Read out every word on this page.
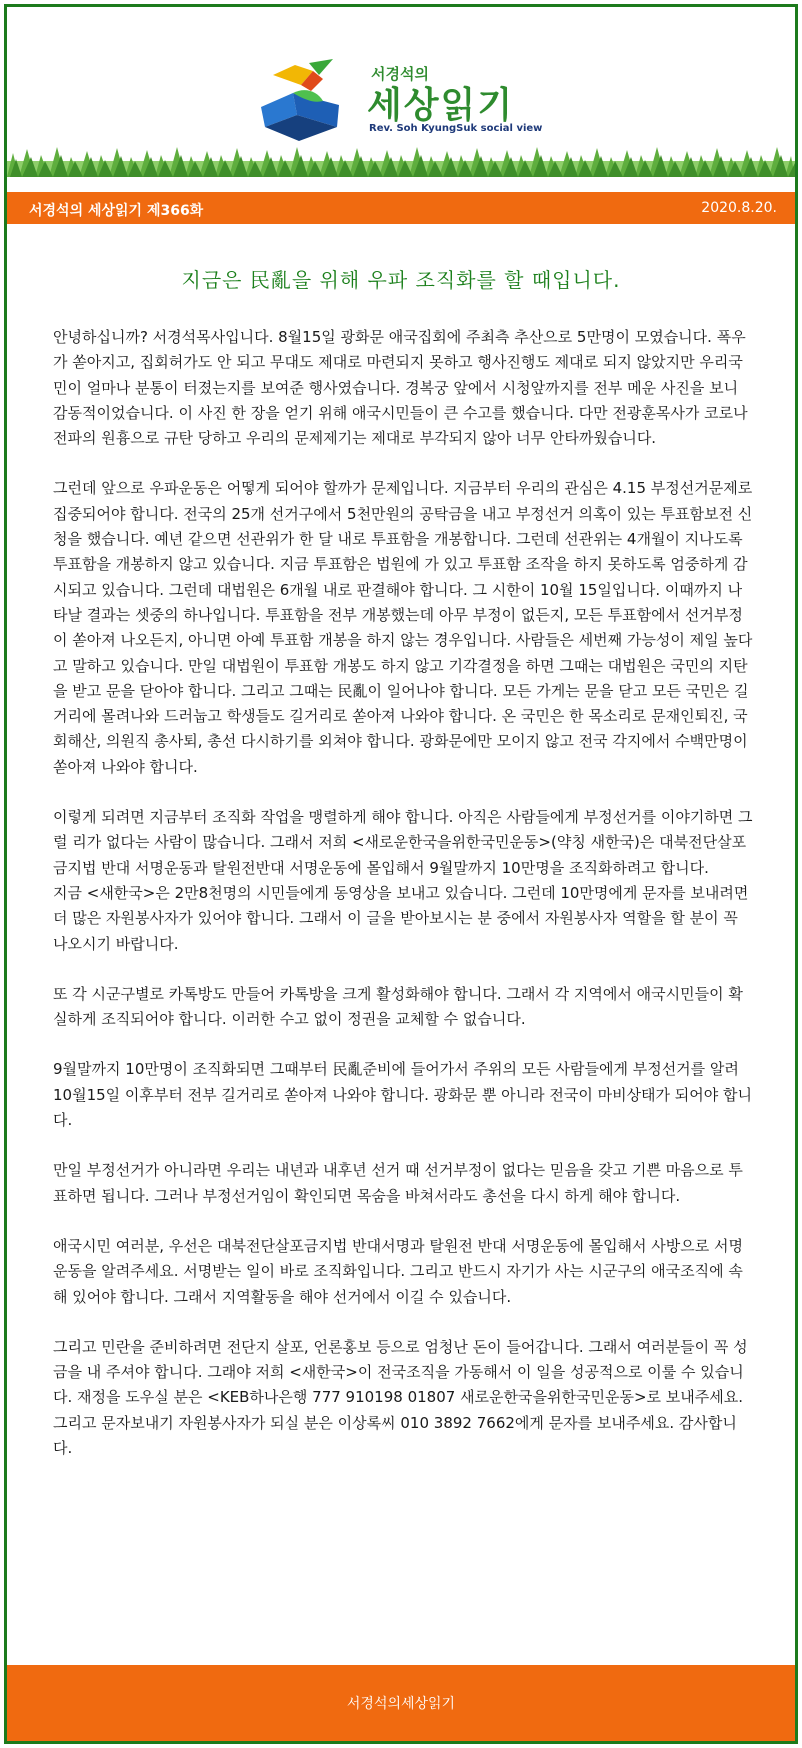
서경석의
세상읽기
Rev. Soh KyungSuk social view
서경석의 세상읽기 제366화	2020.8.20.
지금은 民亂을 위해 우파 조직화를 할 때입니다.

안녕하십니까? 서경석목사입니다. 8월15일 광화문 애국집회에 주최측 추산으로 5만명이 모였습니다. 폭우가 쏟아지고, 집회허가도 안 되고 무대도 제대로 마련되지 못하고 행사진행도 제대로 되지 않았지만 우리국민이 얼마나 분통이 터졌는지를 보여준 행사였습니다. 경복궁 앞에서 시청앞까지를 전부 메운 사진을 보니 감동적이었습니다. 이 사진 한 장을 얻기 위해 애국시민들이 큰 수고를 했습니다. 다만 전광훈목사가 코로나 전파의 원흉으로 규탄 당하고 우리의 문제제기는 제대로 부각되지 않아 너무 안타까웠습니다.

그런데 앞으로 우파운동은 어떻게 되어야 할까가 문제입니다. 지금부터 우리의 관심은 4.15 부정선거문제로 집중되어야 합니다. 전국의 25개 선거구에서 5천만원의 공탁금을 내고 부정선거 의혹이 있는 투표함보전 신청을 했습니다. 예년 같으면 선관위가 한 달 내로 투표함을 개봉합니다. 그런데 선관위는 4개월이 지나도록 투표함을 개봉하지 않고 있습니다. 지금 투표함은 법원에 가 있고 투표함 조작을 하지 못하도록 엄중하게 감시되고 있습니다. 그런데 대법원은 6개월 내로 판결해야 합니다. 그 시한이 10월 15일입니다. 이때까지 나타날 결과는 셋중의 하나입니다. 투표함을 전부 개봉했는데 아무 부정이 없든지, 모든 투표함에서 선거부정이 쏟아져 나오든지, 아니면 아예 투표함 개봉을 하지 않는 경우입니다. 사람들은 세번째 가능성이 제일 높다고 말하고 있습니다. 만일 대법원이 투표함 개봉도 하지 않고 기각결정을 하면 그때는 대법원은 국민의 지탄을 받고 문을 닫아야 합니다. 그리고 그때는 民亂이 일어나야 합니다. 모든 가게는 문을 닫고 모든 국민은 길거리에 몰려나와 드러눕고 학생들도 길거리로 쏟아져 나와야 합니다. 온 국민은 한 목소리로 문재인퇴진, 국회해산, 의원직 총사퇴, 총선 다시하기를 외쳐야 합니다. 광화문에만 모이지 않고 전국 각지에서 수백만명이 쏟아져 나와야 합니다.

이렇게 되려면 지금부터 조직화 작업을 맹렬하게 해야 합니다. 아직은 사람들에게 부정선거를 이야기하면 그럴 리가 없다는 사람이 많습니다. 그래서 저희 <새로운한국을위한국민운동>(약칭 새한국)은 대북전단살포금지법 반대 서명운동과 탈원전반대 서명운동에 몰입해서 9월말까지 10만명을 조직화하려고 합니다.
지금 <새한국>은 2만8천명의 시민들에게 동영상을 보내고 있습니다. 그런데 10만명에게 문자를 보내려면 더 많은 자원봉사자가 있어야 합니다. 그래서 이 글을 받아보시는 분 중에서 자원봉사자 역할을 할 분이 꼭 나오시기 바랍니다.

또 각 시군구별로 카톡방도 만들어 카톡방을 크게 활성화해야 합니다. 그래서 각 지역에서 애국시민들이 확실하게 조직되어야 합니다. 이러한 수고 없이 정권을 교체할 수 없습니다.

9월말까지 10만명이 조직화되면 그때부터 民亂준비에 들어가서 주위의 모든 사람들에게 부정선거를 알려 10월15일 이후부터 전부 길거리로 쏟아져 나와야 합니다. 광화문 뿐 아니라 전국이 마비상태가 되어야 합니다.

만일 부정선거가 아니라면 우리는 내년과 내후년 선거 때 선거부정이 없다는 믿음을 갖고 기쁜 마음으로 투표하면 됩니다. 그러나 부정선거임이 확인되면 목숨을 바쳐서라도 총선을 다시 하게 해야 합니다.

애국시민 여러분, 우선은 대북전단살포금지법 반대서명과 탈원전 반대 서명운동에 몰입해서 사방으로 서명운동을 알려주세요. 서명받는 일이 바로 조직화입니다. 그리고 반드시 자기가 사는 시군구의 애국조직에 속해 있어야 합니다. 그래서 지역활동을 해야 선거에서 이길 수 있습니다.

그리고 민란을 준비하려면 전단지 살포, 언론홍보 등으로 엄청난 돈이 들어갑니다. 그래서 여러분들이 꼭 성금을 내 주셔야 합니다. 그래야 저희 <새한국>이 전국조직을 가동해서 이 일을 성공적으로 이룰 수 있습니다. 재정을 도우실 분은 <KEB하나은행 777 910198 01807 새로운한국을위한국민운동>로 보내주세요.
그리고 문자보내기 자원봉사자가 되실 분은 이상록씨 010 3892 7662에게 문자를 보내주세요. 감사합니다.

서경석의세상읽기
